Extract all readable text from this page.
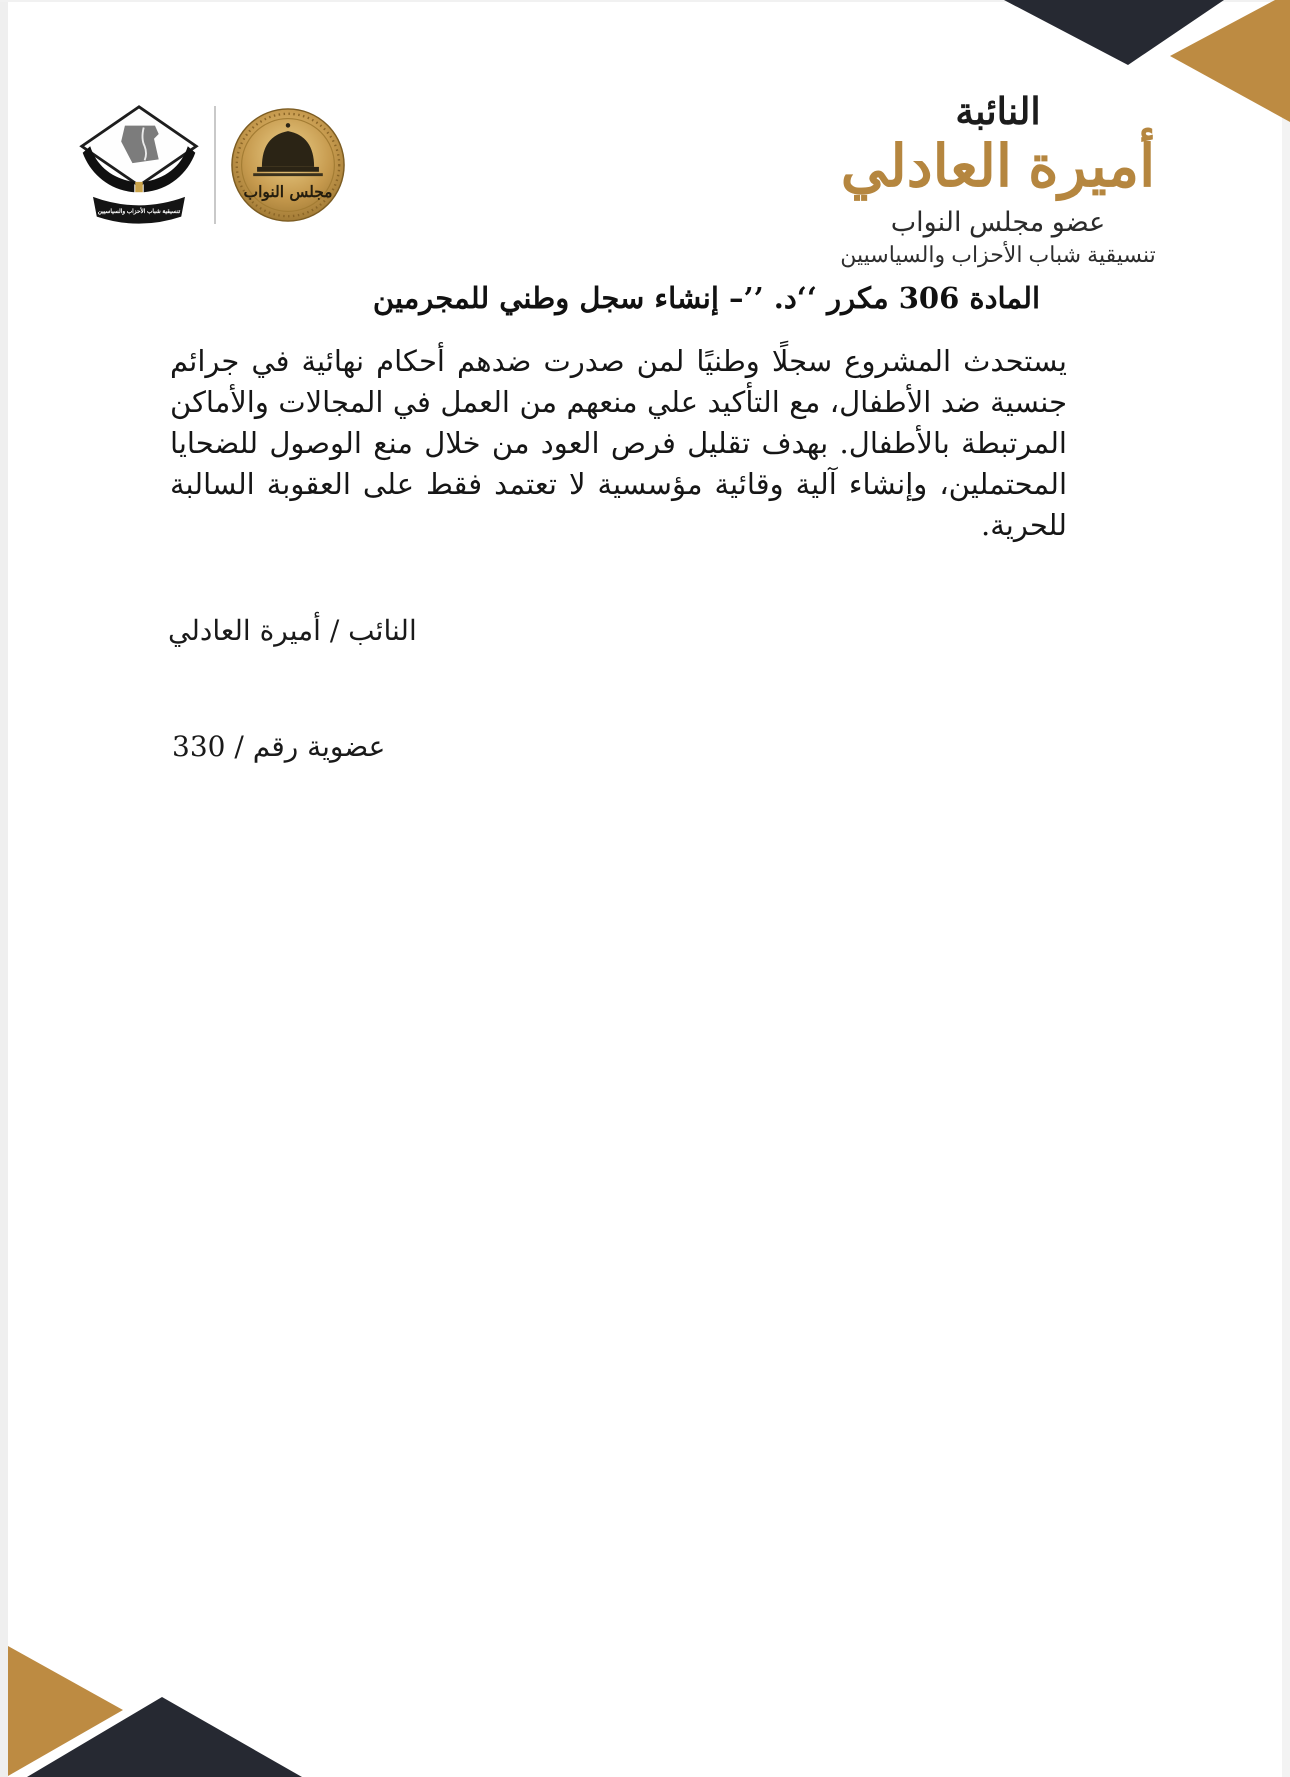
مجلس النواب
تنسيقية شباب الأحزاب والسياسيين
النائبة
أميرة العادلي
عضو مجلس النواب
تنسيقية شباب الأحزاب والسياسيين
المادة 306 مكرر ‘‘د. ’’– إنشاء سجل وطني للمجرمين
يستحدث المشروع سجلًا وطنيًا لمن صدرت ضدهم أحكام نهائية في جرائم جنسية ضد الأطفال، مع التأكيد علي منعهم من العمل في المجالات والأماكن المرتبطة بالأطفال. بهدف تقليل فرص العود من خلال منع الوصول للضحايا المحتملين، وإنشاء آلية وقائية مؤسسية لا تعتمد فقط على العقوبة السالبة للحرية.
النائب / أميرة العادلي
عضوية رقم / 330
